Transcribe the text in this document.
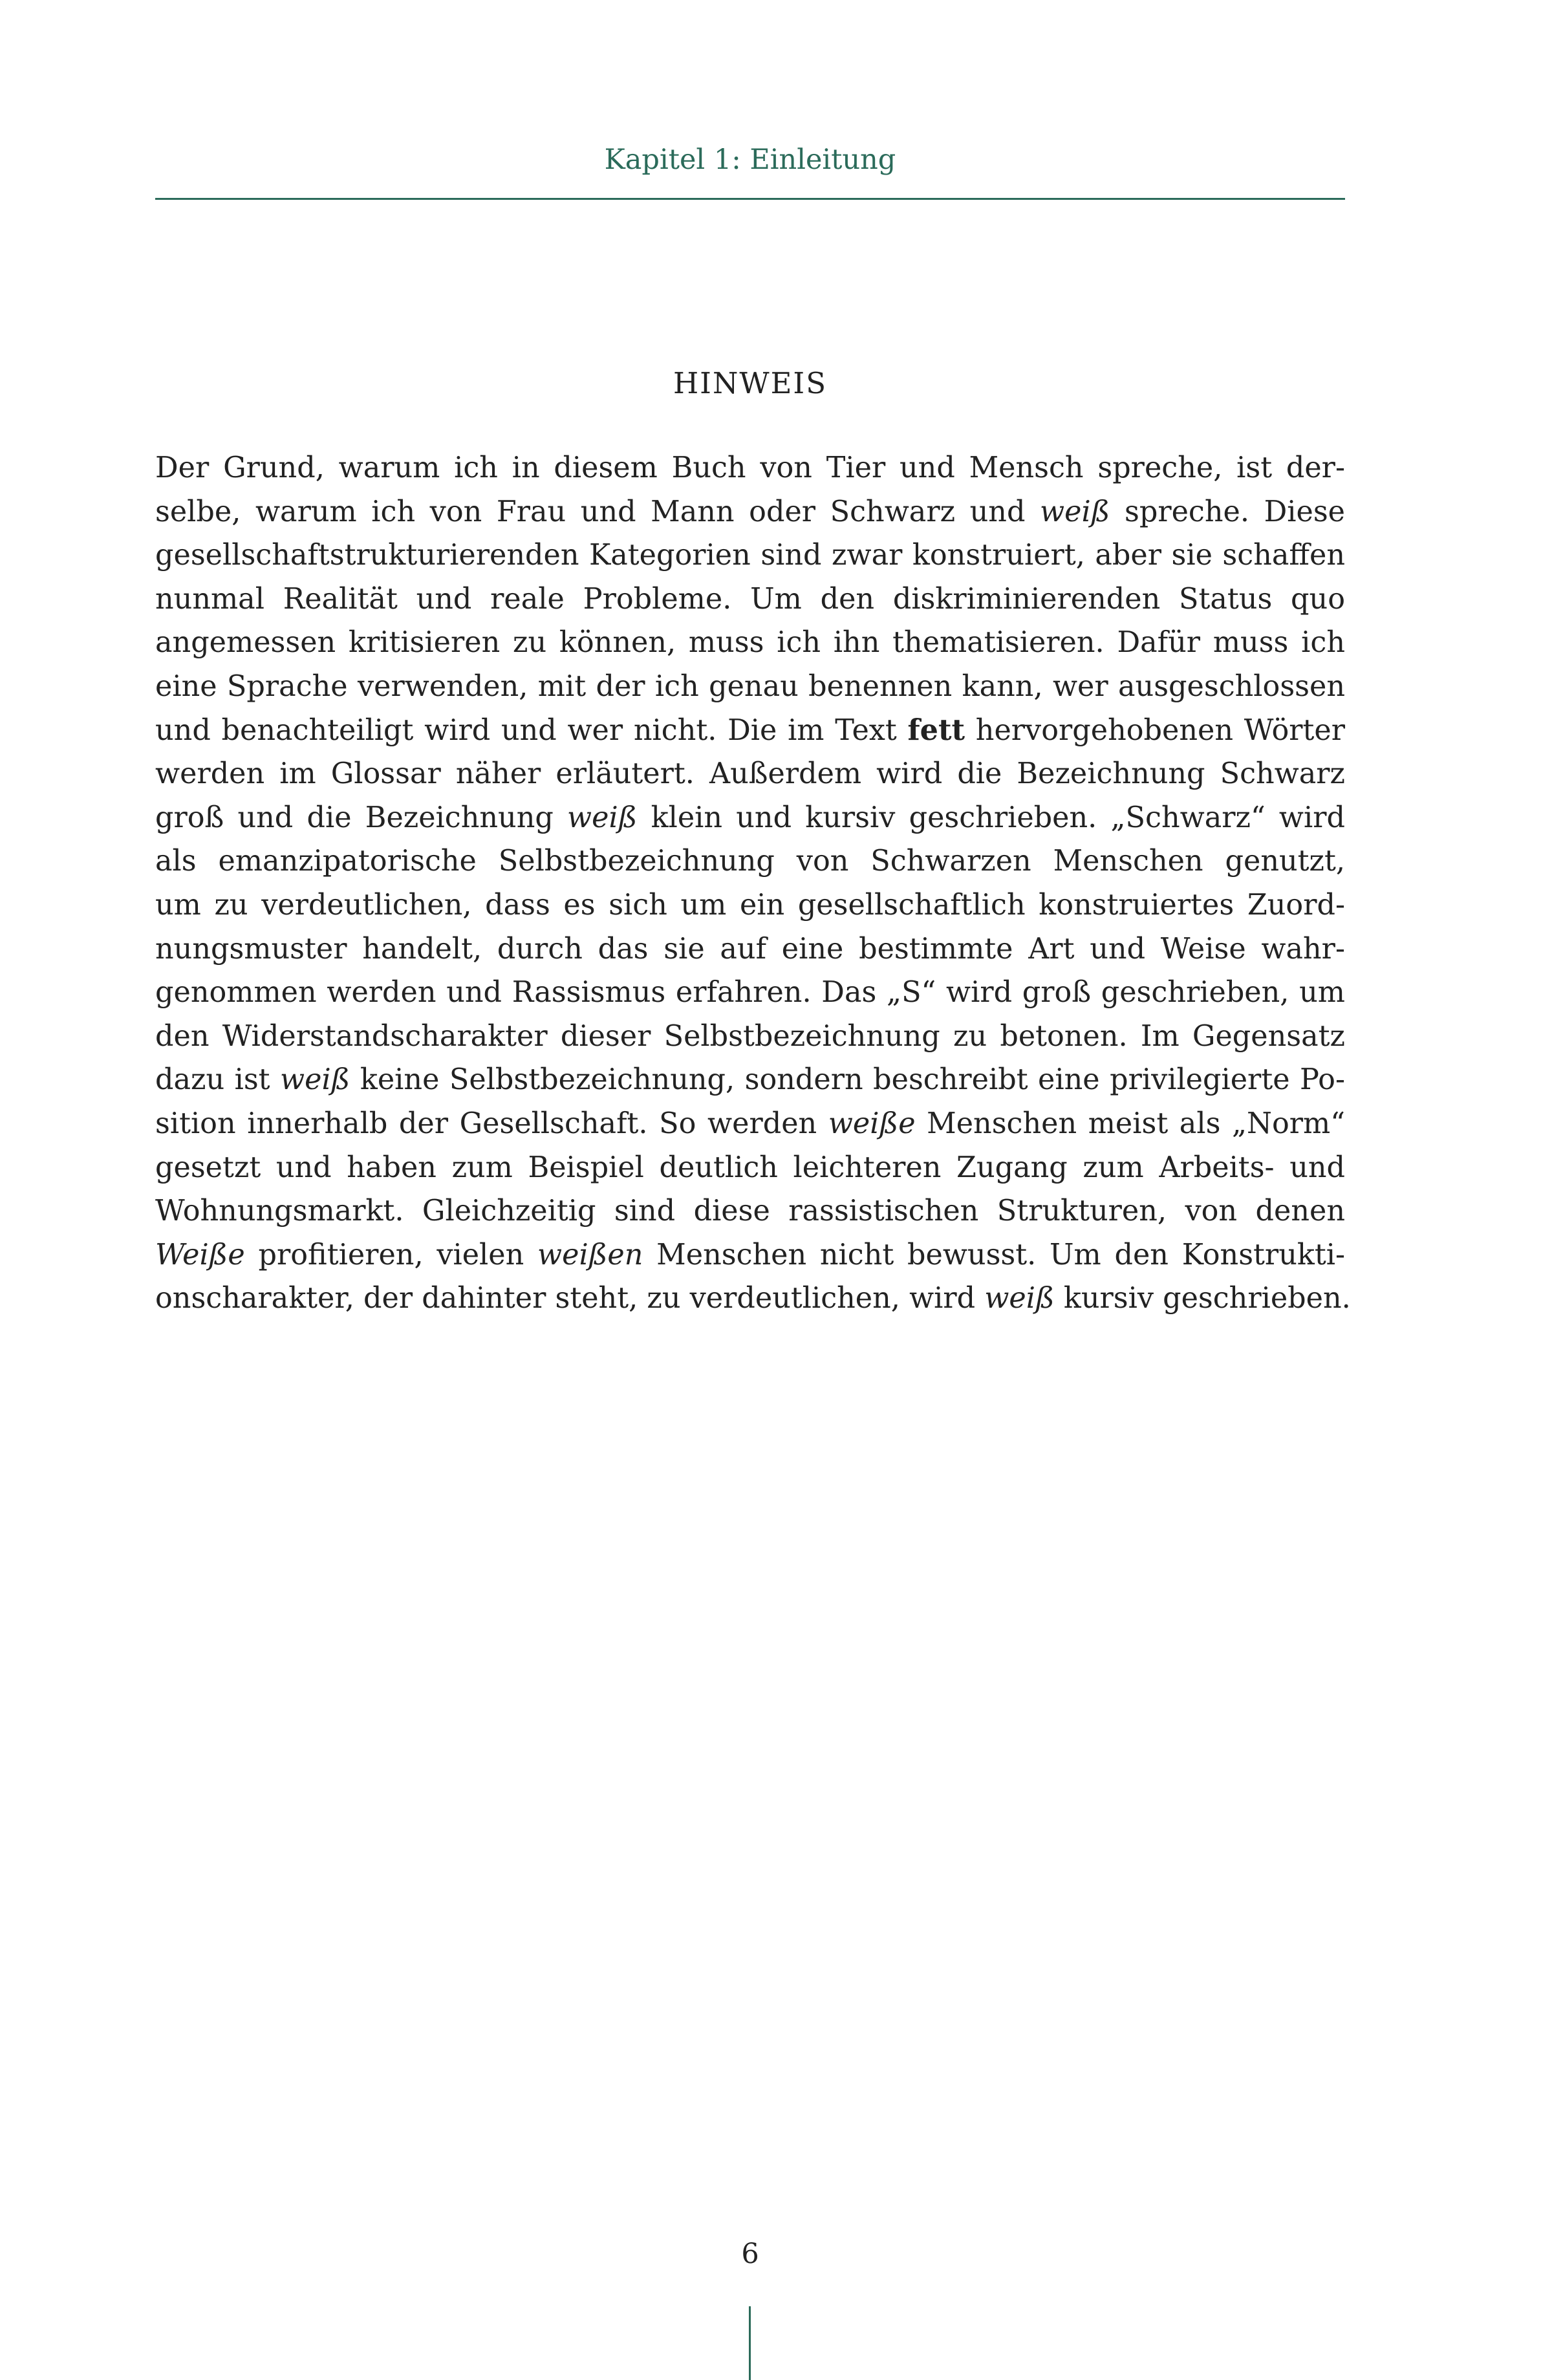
Kapitel 1: Einleitung
HINWEIS
Der Grund, warum ich in diesem Buch von Tier und Mensch spreche, ist der-
selbe, warum ich von Frau und Mann oder Schwarz und weiß spreche. Diese
gesellschaftstrukturierenden Kategorien sind zwar konstruiert, aber sie schaffen
nunmal Realität und reale Probleme. Um den diskriminierenden Status quo
angemessen kritisieren zu können, muss ich ihn thematisieren. Dafür muss ich
eine Sprache verwenden, mit der ich genau benennen kann, wer ausgeschlossen
und benachteiligt wird und wer nicht. Die im Text fett hervorgehobenen Wörter
werden im Glossar näher erläutert. Außerdem wird die Bezeichnung Schwarz
groß und die Bezeichnung weiß klein und kursiv geschrieben. „Schwarz“ wird
als emanzipatorische Selbstbezeichnung von Schwarzen Menschen genutzt,
um zu verdeutlichen, dass es sich um ein gesellschaftlich konstruiertes Zuord-
nungsmuster handelt, durch das sie auf eine bestimmte Art und Weise wahr-
genommen werden und Rassismus erfahren. Das „S“ wird groß geschrieben, um
den Widerstandscharakter dieser Selbstbezeichnung zu betonen. Im Gegensatz
dazu ist weiß keine Selbstbezeichnung, sondern beschreibt eine privilegierte Po-
sition innerhalb der Gesellschaft. So werden weiße Menschen meist als „Norm“
gesetzt und haben zum Beispiel deutlich leichteren Zugang zum Arbeits- und
Wohnungsmarkt. Gleichzeitig sind diese rassistischen Strukturen, von denen
Weiße profitieren, vielen weißen Menschen nicht bewusst. Um den Konstrukti-
onscharakter, der dahinter steht, zu verdeutlichen, wird weiß kursiv geschrieben.
6
